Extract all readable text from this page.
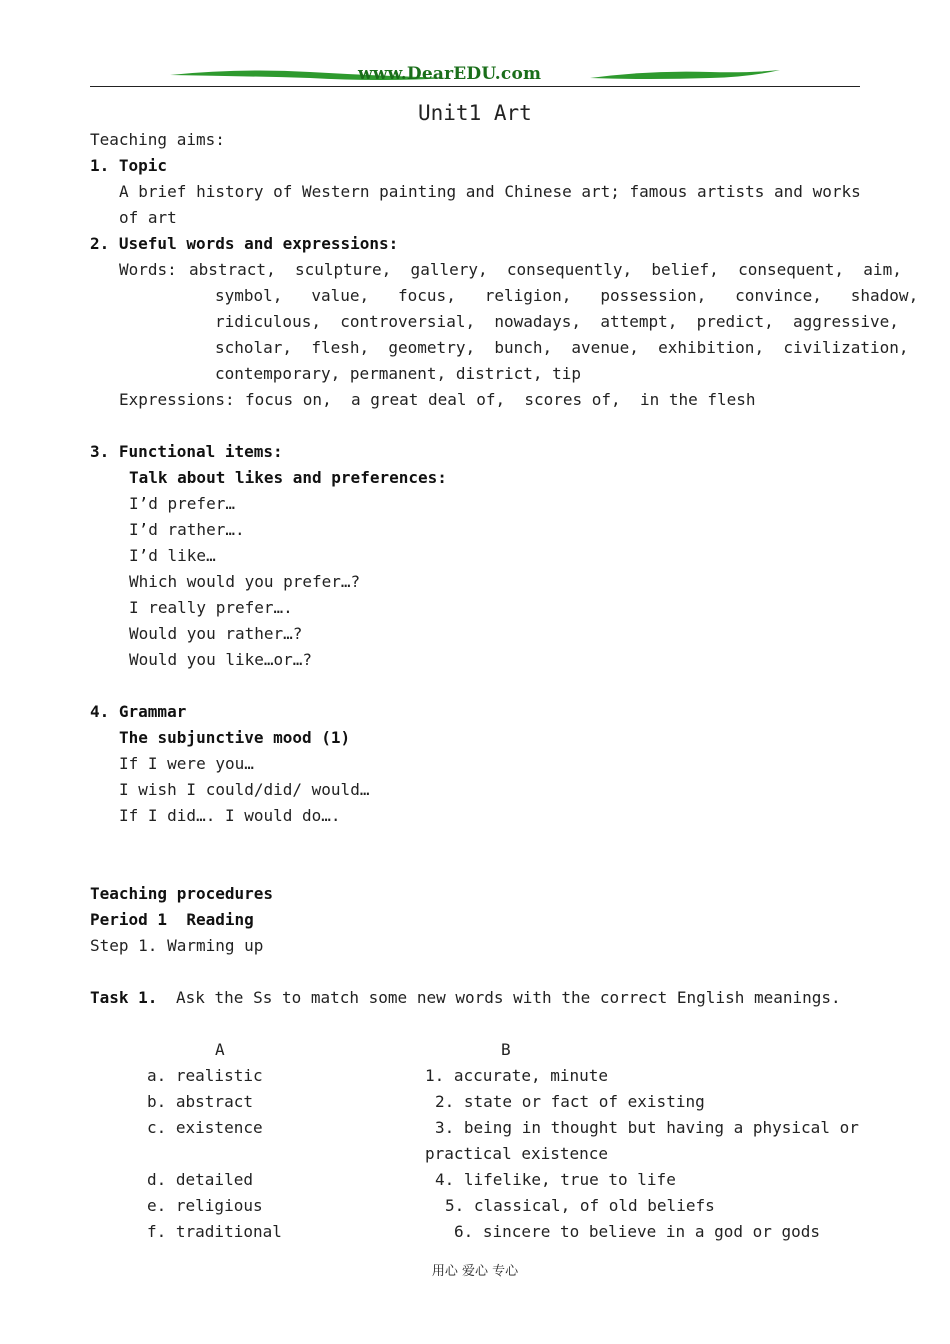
www.DearEDU.com
Unit1 Art
Teaching aims:
1. Topic
A brief history of Western painting and Chinese art; famous artists and works
of art
2. Useful words and expressions:
Words: abstract,  sculpture,  gallery,  consequently,  belief,  consequent,  aim,
symbol,   value,   focus,   religion,   possession,   convince,   shadow,
ridiculous,  controversial,  nowadays,  attempt,  predict,  aggressive,
scholar,  flesh,  geometry,  bunch,  avenue,  exhibition,  civilization,
contemporary, permanent, district, tip
Expressions: focus on,  a great deal of,  scores of,  in the flesh
3. Functional items:
Talk about likes and preferences:
I’d prefer…
I’d rather….
I’d like…
Which would you prefer…?
I really prefer….
Would you rather…?
Would you like…or…?
4. Grammar
The subjunctive mood (1)
If I were you…
I wish I could/did/ would…
If I did…. I would do….
Teaching procedures
Period 1  Reading
Step 1. Warming up
Task 1. Ask the Ss to match some new words with the correct English meanings.
A	B
a. realistic
b. abstract
c. existence
d. detailed
e. religious
f. traditional
1. accurate, minute
2. state or fact of existing
3. being in thought but having a physical or
practical existence
4. lifelike, true to life
5. classical, of old beliefs
6. sincere to believe in a god or gods
用心 爱心 专心
